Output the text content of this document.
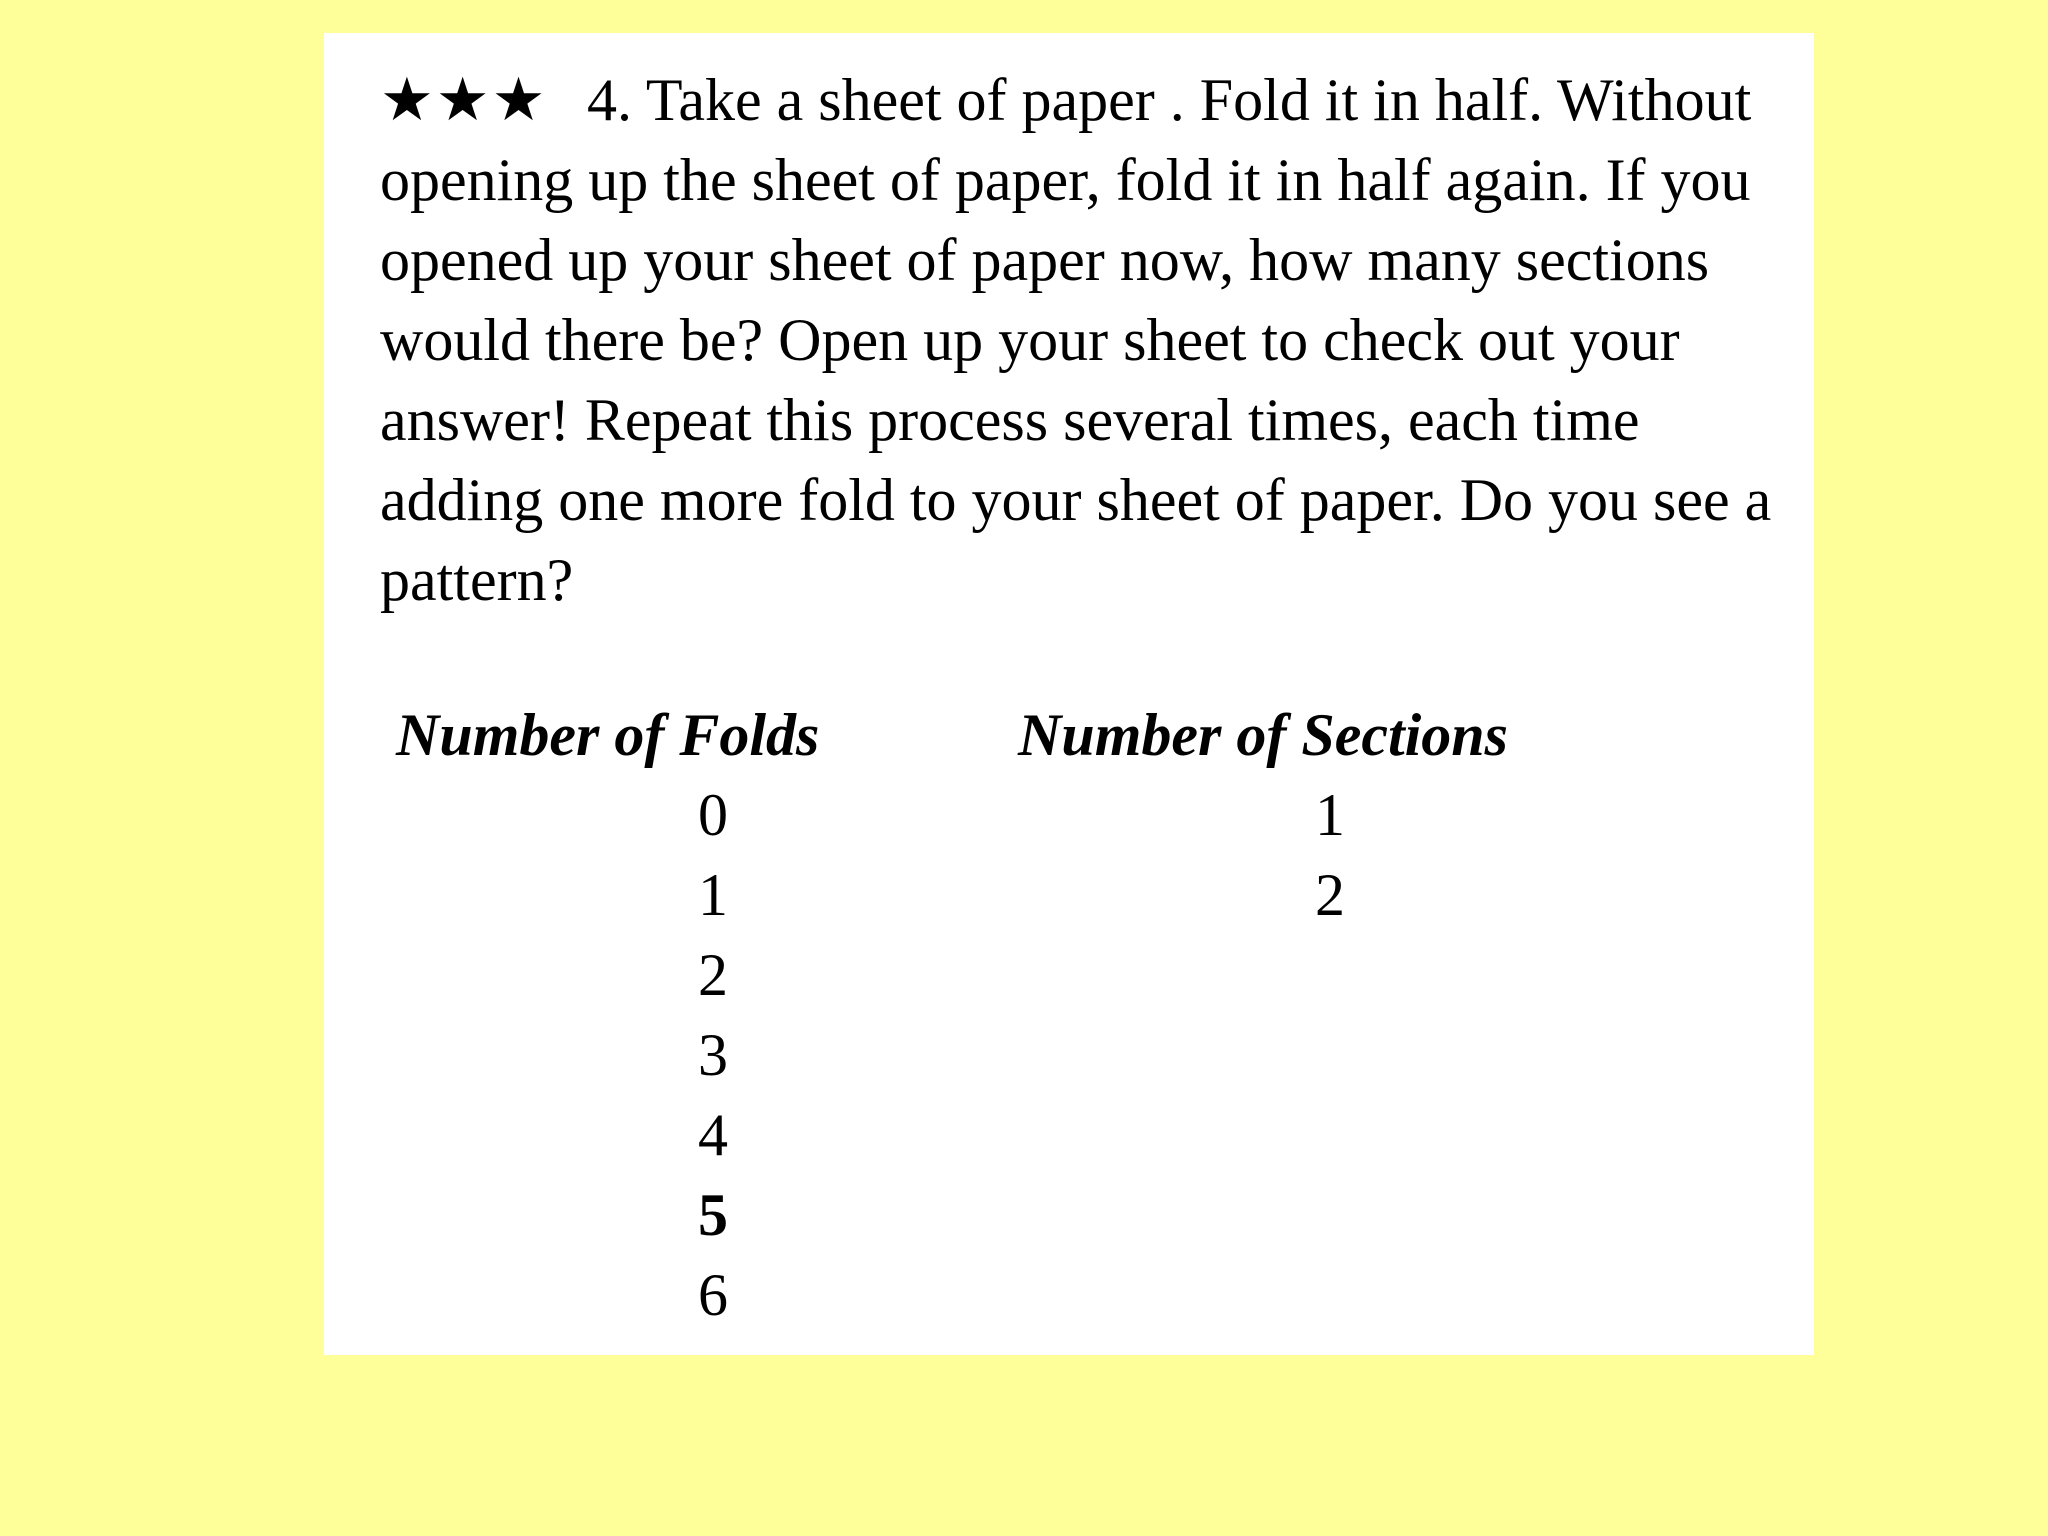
★★★ 4. Take a sheet of paper . Fold it in half. Without opening up the sheet of paper, fold it in half again. If you opened up your sheet of paper now, how many sections would there be? Open up your sheet to check out your answer! Repeat this process several times, each time adding one more fold to your sheet of paper. Do you see a pattern?

Number of Folds	Number of Sections
0
1
2
3
4
5
6
1
2
